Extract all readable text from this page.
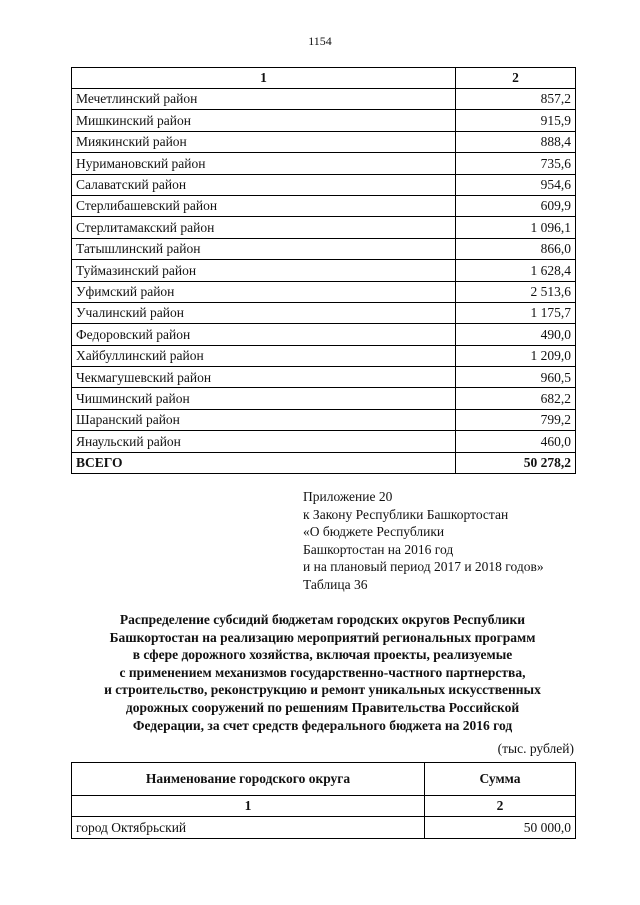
1154
1	2
Мечетлинский район	857,2
Мишкинский район	915,9
Миякинский район	888,4
Нуримановский район	735,6
Салаватский район	954,6
Стерлибашевский район	609,9
Стерлитамакский район	1 096,1
Татышлинский район	866,0
Туймазинский район	1 628,4
Уфимский район	2 513,6
Учалинский район	1 175,7
Федоровский район	490,0
Хайбуллинский район	1 209,0
Чекмагушевский район	960,5
Чишминский район	682,2
Шаранский район	799,2
Янаульский район	460,0
ВСЕГО	50 278,2
Приложение 20
к Закону Республики Башкортостан
«О бюджете Республики
Башкортостан на 2016 год
и на плановый период 2017 и 2018 годов»
Таблица 36
Распределение субсидий бюджетам городских округов Республики
Башкортостан на реализацию мероприятий региональных программ
в сфере дорожного хозяйства, включая проекты, реализуемые
с применением механизмов государственно-частного партнерства,
и строительство, реконструкцию и ремонт уникальных искусственных
дорожных сооружений по решениям Правительства Российской
Федерации, за счет средств федерального бюджета на 2016 год
(тыс. рублей)
Наименование городского округа	Сумма
1	2
город Октябрьский	50 000,0
